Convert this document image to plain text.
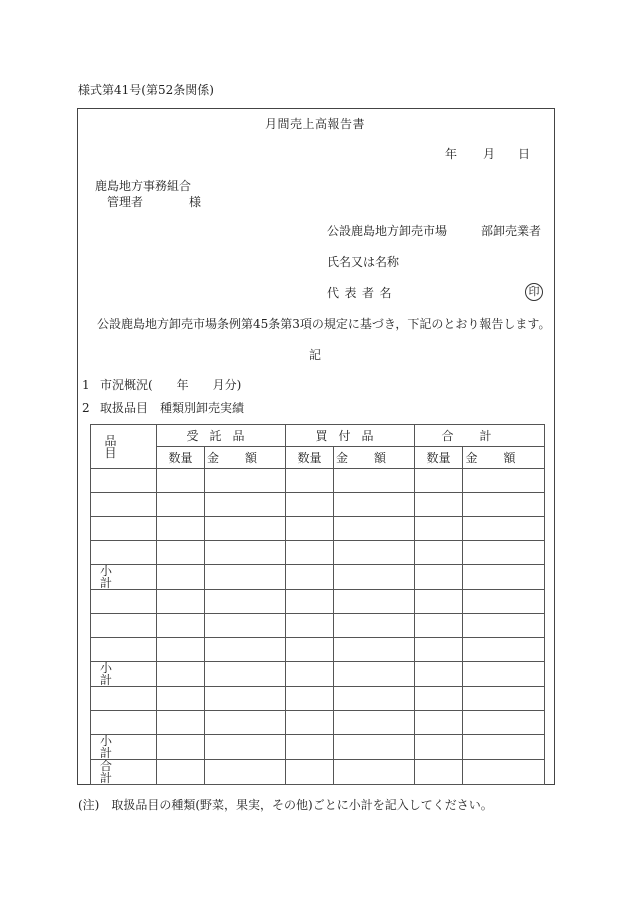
様式第41号(第52条関係)
月間売上高報告書
年 月 日
鹿島地方事務組合
管理者	様
公設鹿島地方卸売市場	部卸売業者
氏名又は名称
代表者名	印
公設鹿島地方卸売市場条例第45条第3項の規定に基づき，下記のとおり報告します。
記
1 市況概況(　　年　　月分)
2 取扱品目　種類別卸売実績
品目	受託品		買付品		合計	
	数量	金額	数量	金額	数量	金額

小計						

小計						

小計						
合計						
(注)　取扱品目の種類(野菜，果実，その他)ごとに小計を記入してください。
